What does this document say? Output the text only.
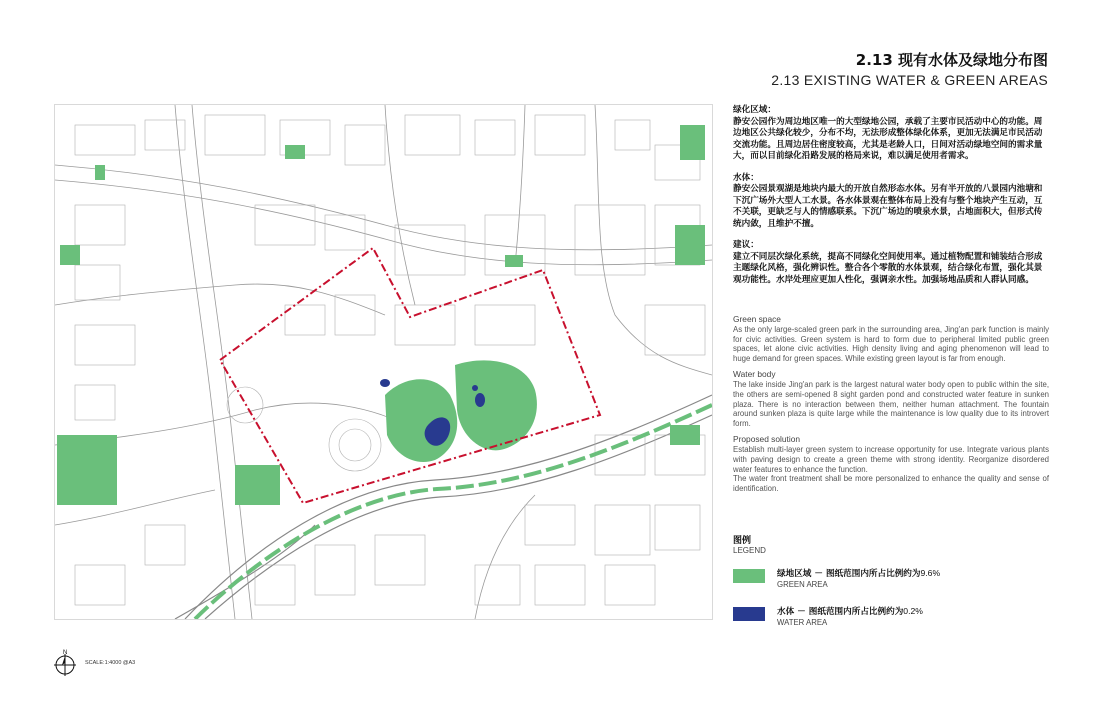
2.13 现有水体及绿地分布图
2.13 EXISTING WATER & GREEN AREAS
绿化区域：
静安公园作为周边地区唯一的大型绿地公园，承载了主要市民活动中心的功能。周边地区公共绿化较少，分布不均，无法形成整体绿化体系，更加无法满足市民活动交流功能。且周边居住密度较高，尤其是老龄人口，日间对活动绿地空间的需求量大，而以目前绿化沿路发展的格局来说，难以满足使用者需求。
水体：
静安公园景观湖是地块内最大的开放自然形态水体。另有半开放的八景园内池塘和下沉广场外大型人工水景。各水体景观在整体布局上没有与整个地块产生互动，互不关联，更缺乏与人的情感联系。下沉广场边的喷泉水景，占地面积大，但形式传统内敛，且维护不擅。
建议：
建立不同层次绿化系统，提高不同绿化空间使用率。通过植物配置和铺装结合形成主题绿化风格，强化辨识性。整合各个零散的水体景观，结合绿化布置，强化其景观功能性。水岸处理应更加人性化，强调亲水性。加强场地品质和人群认同感。
Green space
As the only large-scaled green park in the surrounding area, Jing'an park function is mainly for civic activities. Green system is hard to form due to peripheral limited public green spaces, let alone civic activities. High density living and aging phenomenon will lead to huge demand for green spaces. While existing green layout is far from enough.
Water body
The lake inside Jing'an park is the largest natural water body open to public within the site, the others are semi-opened 8 sight garden pond and constructed water feature in sunken plaza. There is no interaction between them, neither human attachment. The fountain around sunken plaza is quite large while the maintenance is low quality due to its introvert form.
Proposed solution
Establish multi-layer green system to increase opportunity for use. Integrate various plants with paving design to create a green theme with strong identity. Reorganize disordered water features to enhance the function.
The water front treatment shall be more personalized to enhance the quality and sense of identification.
图例
LEGEND
绿地区域 － 图纸范围内所占比例约为9.6%
GREEN AREA
水体 － 图纸范围内所占比例约为0.2%
WATER AREA
N
SCALE:1:4000 @A3
